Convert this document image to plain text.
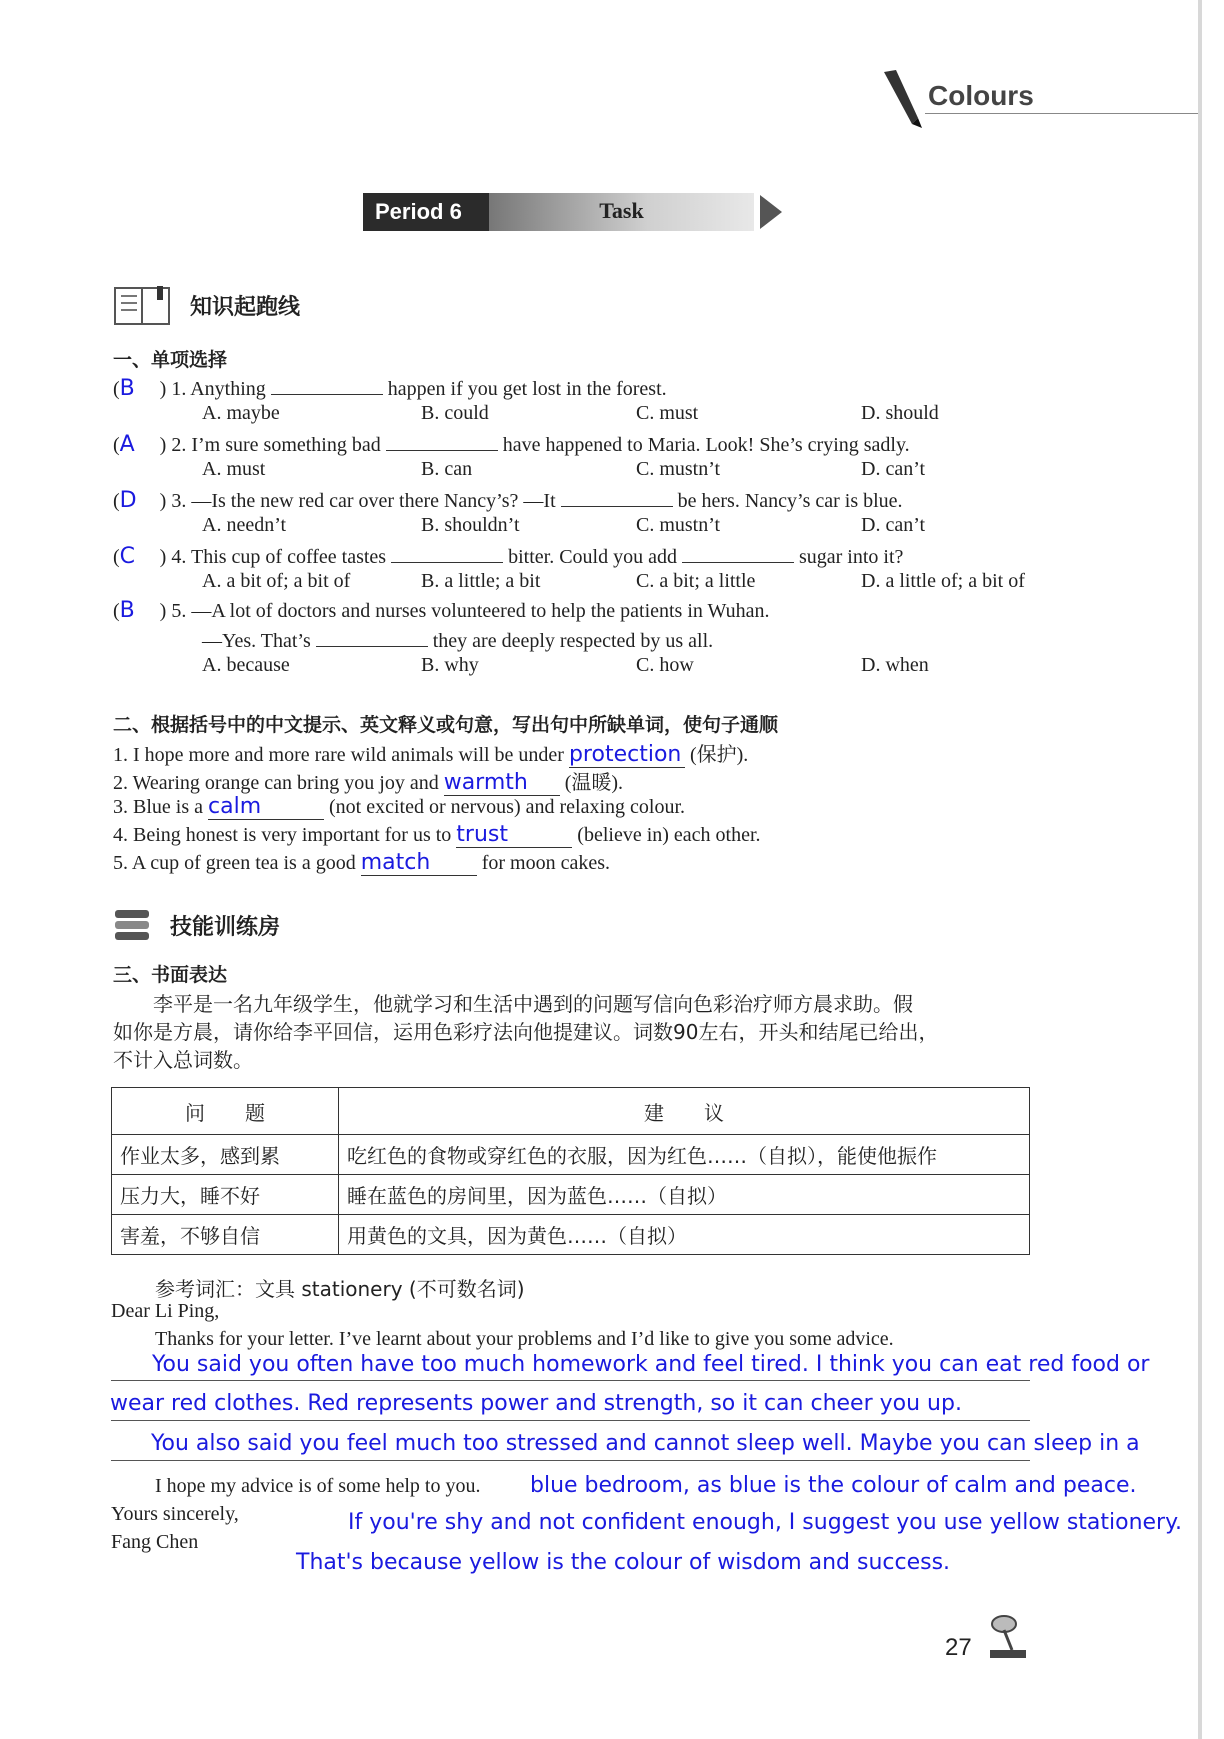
Colours
Period 6	Task
知识起跑线
一、单项选择
(B ) 1. Anything	happen if you get lost in the forest.
A. maybe	B. could	C. must	D. should
(A ) 2. I’m sure something bad	have happened to Maria. Look! She’s crying sadly.
A. must	B. can	C. mustn’t	D. can’t
(D ) 3. —Is the new red car over there Nancy’s? —It	be hers. Nancy’s car is blue.
A. needn’t	B. shouldn’t	C. mustn’t	D. can’t
(C ) 4. This cup of coffee tastes	bitter. Could you add	sugar into it?
A. a bit of; a bit of	B. a little; a bit	C. a bit; a little	D. a little of; a bit of
(B ) 5. —A lot of doctors and nurses volunteered to help the patients in Wuhan.
—Yes. That’s	they are deeply respected by us all.
A. because	B. why	C. how	D. when
二、根据括号中的中文提示、英文释义或句意，写出句中所缺单词，使句子通顺
1. I hope more and more rare wild animals will be under protection (保护).
2. Wearing orange can bring you joy and warmth (温暖).
3. Blue is a calm	(not excited or nervous) and relaxing colour.
4. Being honest is very important for us to trust	(believe in) each other.
5. A cup of green tea is a good match	for moon cakes.
技能训练房
三、书面表达
李平是一名九年级学生，他就学习和生活中遇到的问题写信向色彩治疗师方晨求助。假
如你是方晨，请你给李平回信，运用色彩疗法向他提建议。词数90左右，开头和结尾已给出，
不计入总词数。
问　　题	建　　议
作业太多，感到累	吃红色的食物或穿红色的衣服，因为红色……（自拟），能使他振作
压力大，睡不好	睡在蓝色的房间里，因为蓝色……（自拟）
害羞，不够自信	用黄色的文具，因为黄色……（自拟）
参考词汇：文具 stationery (不可数名词)
Dear Li Ping,
Thanks for your letter. I’ve learnt about your problems and I’d like to give you some advice.
You said you often have too much homework and feel tired. I think you can eat red food or
wear red clothes. Red represents power and strength, so it can cheer you up.
You also said you feel much too stressed and cannot sleep well. Maybe you can sleep in a
I hope my advice is of some help to you. blue bedroom, as blue is the colour of calm and peace.
Yours sincerely,	If you're shy and not confident enough, I suggest you use yellow stationery.
Fang Chen
That's because yellow is the colour of wisdom and success.
27
